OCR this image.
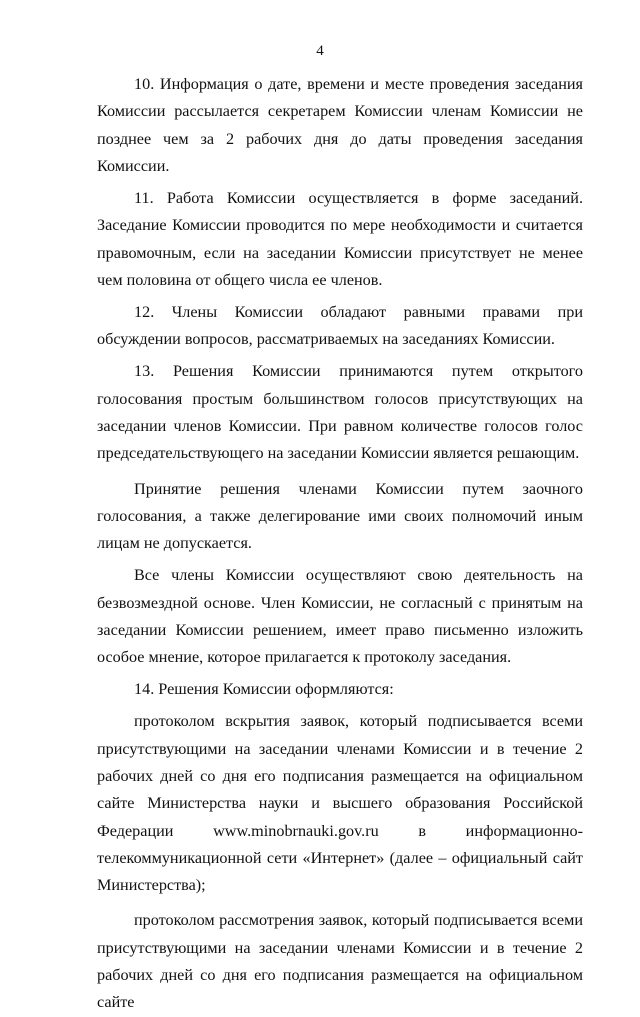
4

10. Информация о дате, времени и месте проведения заседания Комиссии рассылается секретарем Комиссии членам Комиссии не позднее чем за 2 рабочих дня до даты проведения заседания Комиссии.

11. Работа Комиссии осуществляется в форме заседаний. Заседание Комиссии проводится по мере необходимости и считается правомочным, если на заседании Комиссии присутствует не менее чем половина от общего числа ее членов.

12. Члены Комиссии обладают равными правами при обсуждении вопросов, рассматриваемых на заседаниях Комиссии.

13. Решения Комиссии принимаются путем открытого голосования простым большинством голосов присутствующих на заседании членов Комиссии. При равном количестве голосов голос председательствующего на заседании Комиссии является решающим.

Принятие решения членами Комиссии путем заочного голосования, а также делегирование ими своих полномочий иным лицам не допускается.

Все члены Комиссии осуществляют свою деятельность на безвозмездной основе. Член Комиссии, не согласный с принятым на заседании Комиссии решением, имеет право письменно изложить особое мнение, которое прилагается к протоколу заседания.

14. Решения Комиссии оформляются:

протоколом вскрытия заявок, который подписывается всеми присутствующими на заседании членами Комиссии и в течение 2 рабочих дней со дня его подписания размещается на официальном сайте Министерства науки и высшего образования Российской Федерации www.minobrnauki.gov.ru в информационно-телекоммуникационной сети «Интернет» (далее – официальный сайт Министерства);

протоколом рассмотрения заявок, который подписывается всеми присутствующими на заседании членами Комиссии и в течение 2 рабочих дней со дня его подписания размещается на официальном сайте
